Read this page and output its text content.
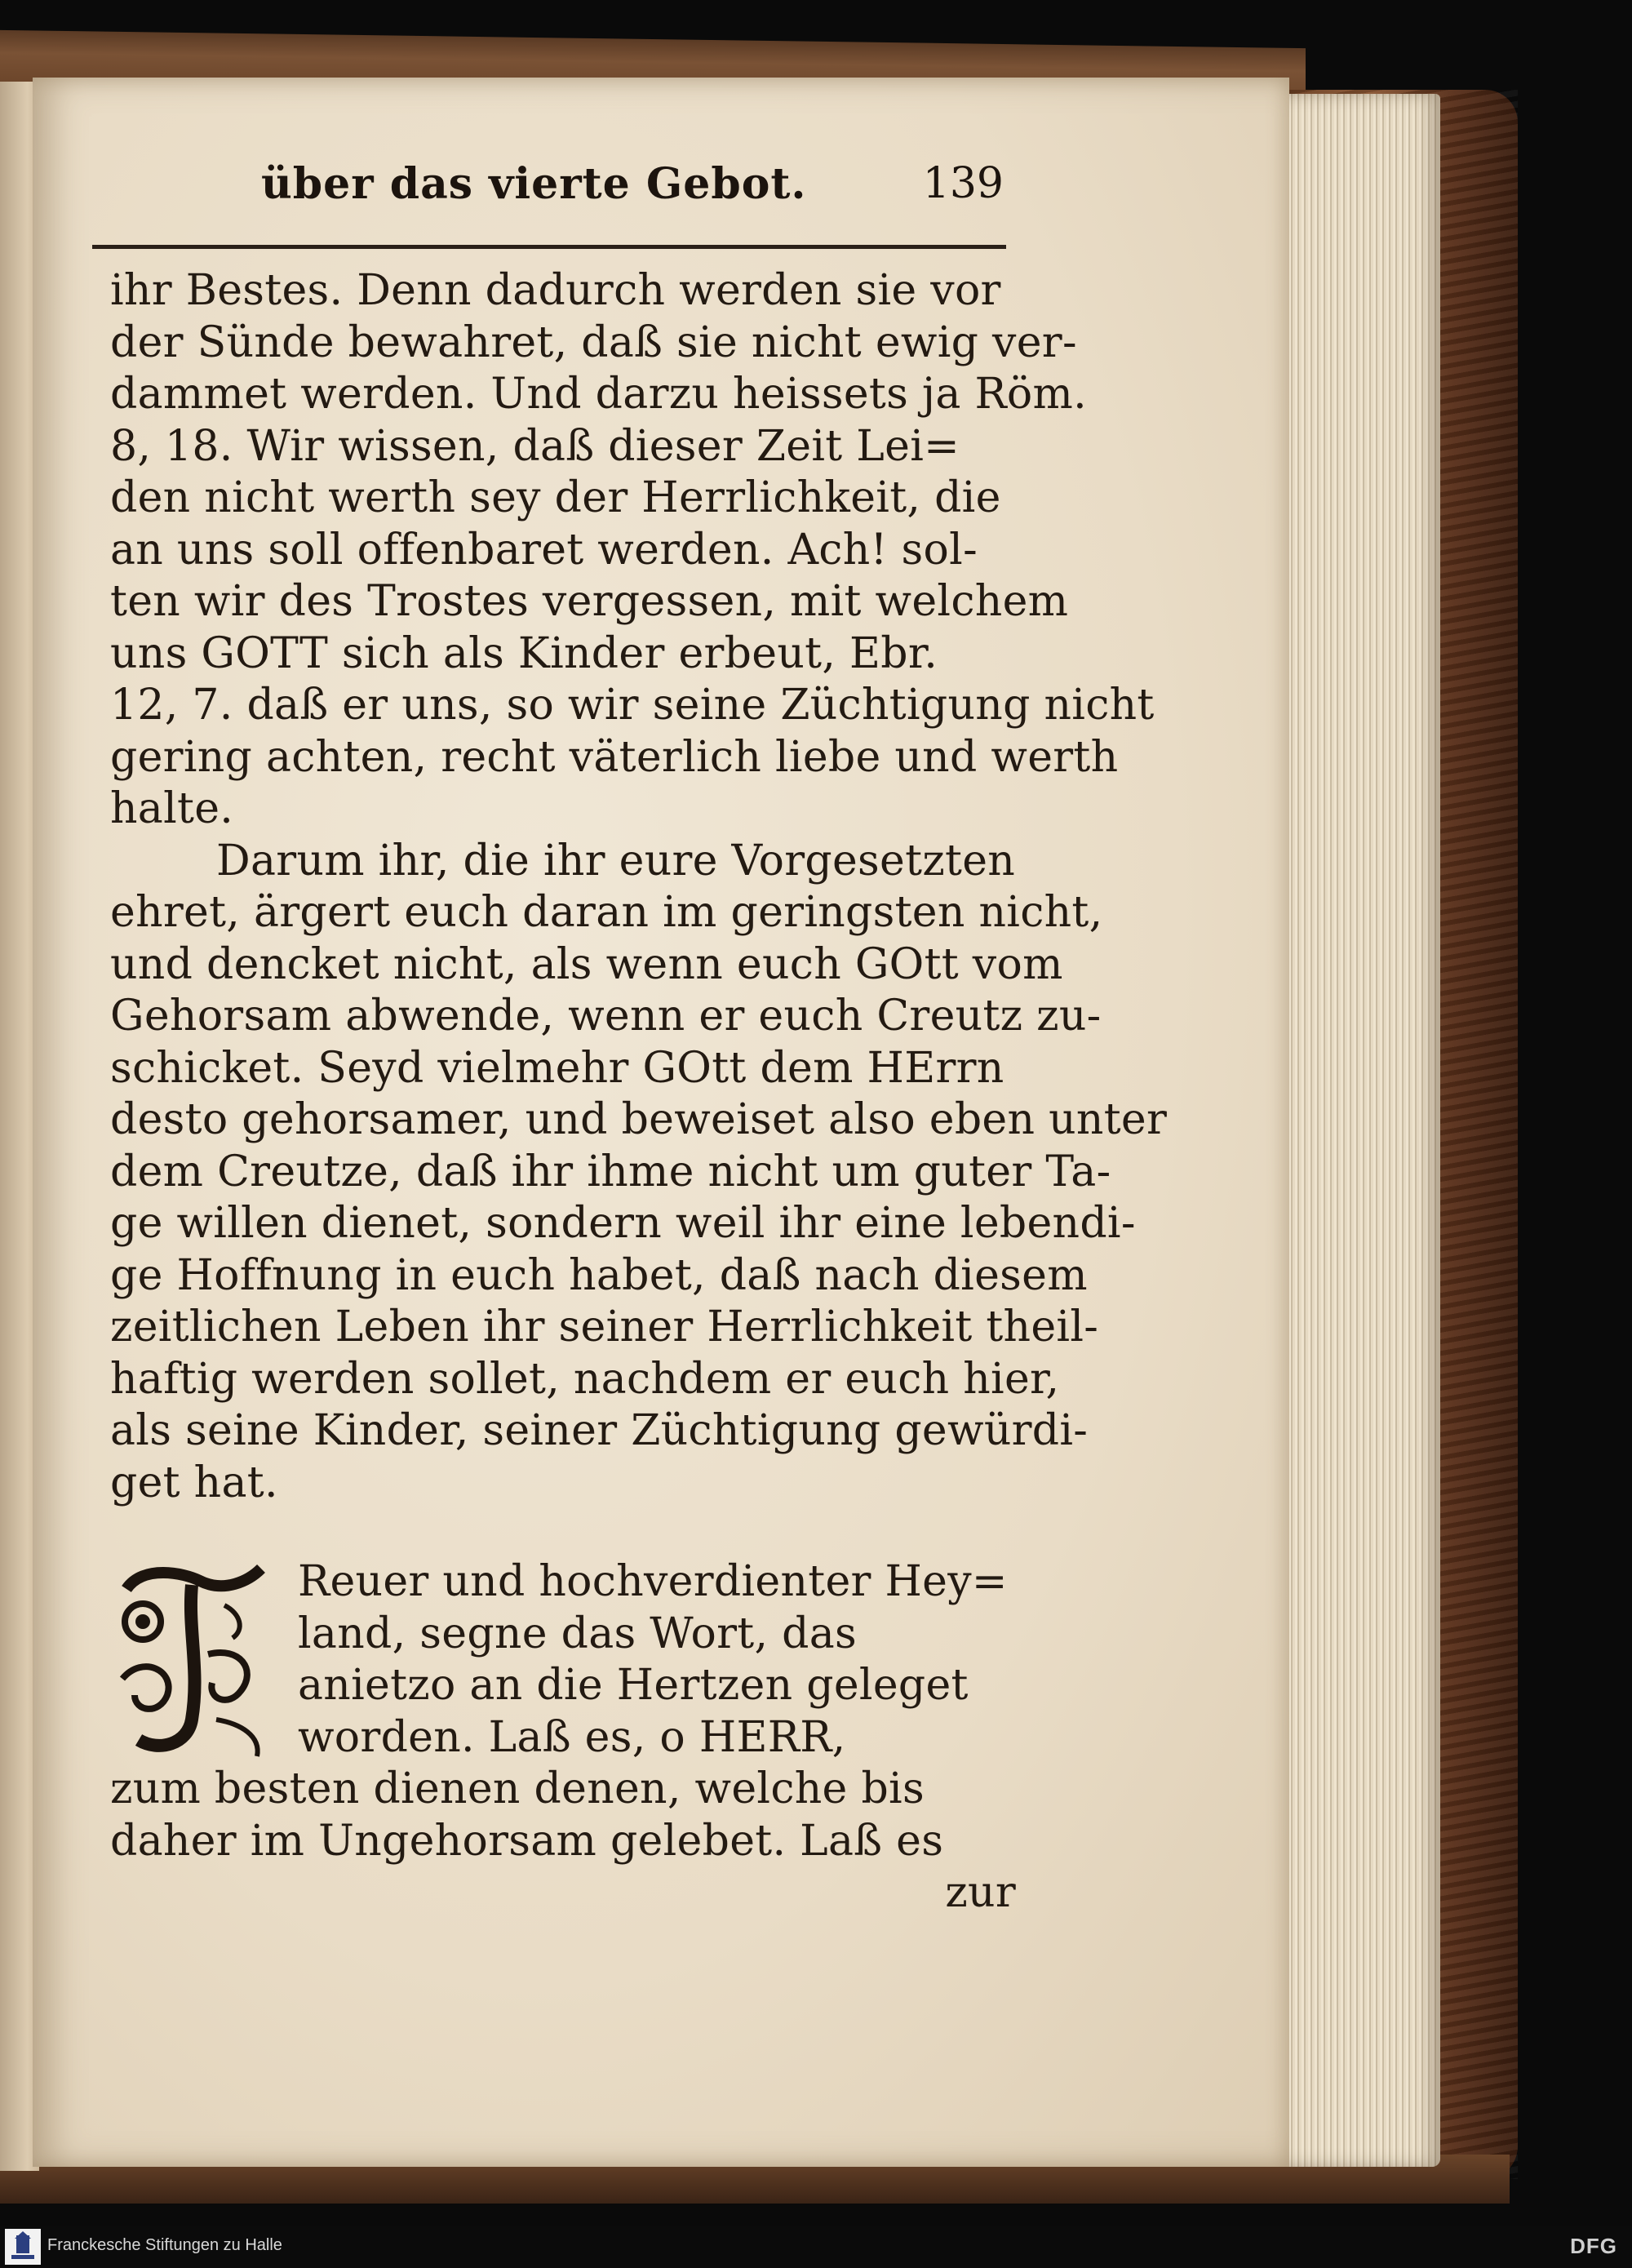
über das vierte Gebot.	139
ihr Bestes. Denn dadurch werden sie vor
der Sünde bewahret, daß sie nicht ewig ver-
dammet werden. Und darzu heissets ja Röm.
8, 18. Wir wissen, daß dieser Zeit Lei=
den nicht werth sey der Herrlichkeit, die
an uns soll offenbaret werden. Ach! sol-
ten wir des Trostes vergessen, mit welchem
uns GOTT sich als Kinder erbeut, Ebr.
12, 7. daß er uns, so wir seine Züchtigung nicht
gering achten, recht väterlich liebe und werth
halte.
Darum ihr, die ihr eure Vorgesetzten
ehret, ärgert euch daran im geringsten nicht,
und dencket nicht, als wenn euch GOtt vom
Gehorsam abwende, wenn er euch Creutz zu-
schicket. Seyd vielmehr GOtt dem HErrn
desto gehorsamer, und beweiset also eben unter
dem Creutze, daß ihr ihme nicht um guter Ta-
ge willen dienet, sondern weil ihr eine lebendi-
ge Hoffnung in euch habet, daß nach diesem
zeitlichen Leben ihr seiner Herrlichkeit theil-
haftig werden sollet, nachdem er euch hier,
als seine Kinder, seiner Züchtigung gewürdi-
get hat.
Reuer und hochverdienter Hey=
land, segne das Wort, das
anietzo an die Hertzen geleget
worden. Laß es, o HERR,
zum besten dienen denen, welche bis
daher im Ungehorsam gelebet. Laß es
zur
Franckesche Stiftungen zu Halle	DFG
